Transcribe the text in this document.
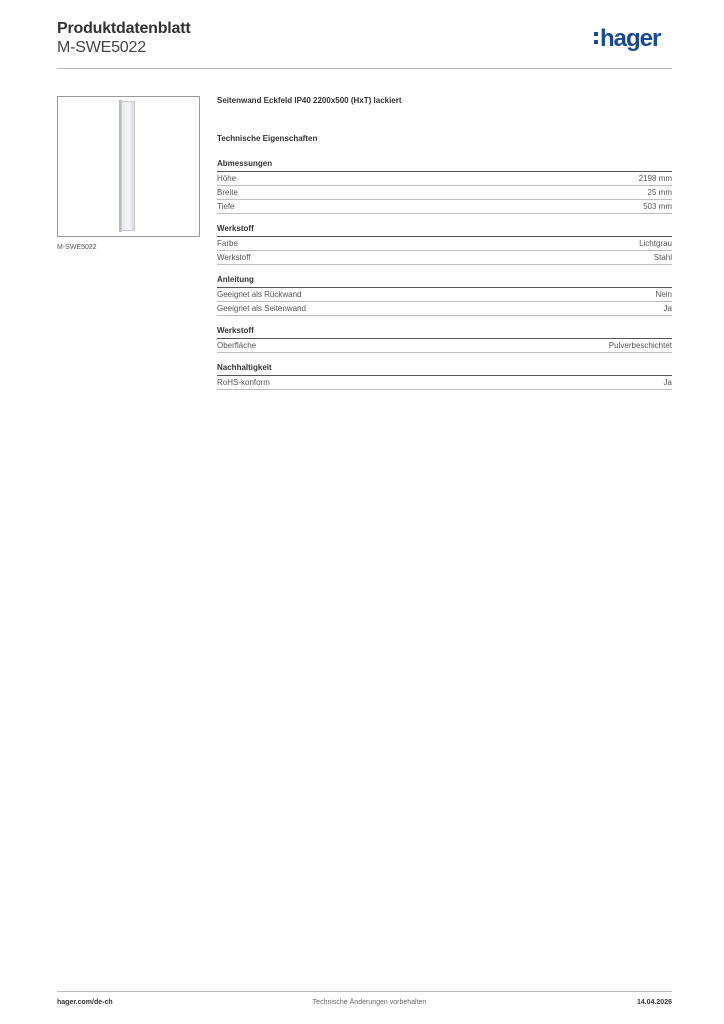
Produktdatenblatt
M-SWE5022	hager
M-SWE5022
Seitenwand Eckfeld IP40 2200x500 (HxT) lackiert
Technische Eigenschaften
Abmessungen
Höhe	2198 mm
Breite	25 mm
Tiefe	503 mm
Werkstoff
Farbe	Lichtgrau
Werkstoff	Stahl
Anleitung
Geeignet als Rückwand	Nein
Geeignet als Seitenwand	Ja
Werkstoff
Oberfläche	Pulverbeschichtet
Nachhaltigkeit
RoHS-konform	Ja
hager.com/de-ch	Technische Änderungen vorbehalten	14.04.2026
